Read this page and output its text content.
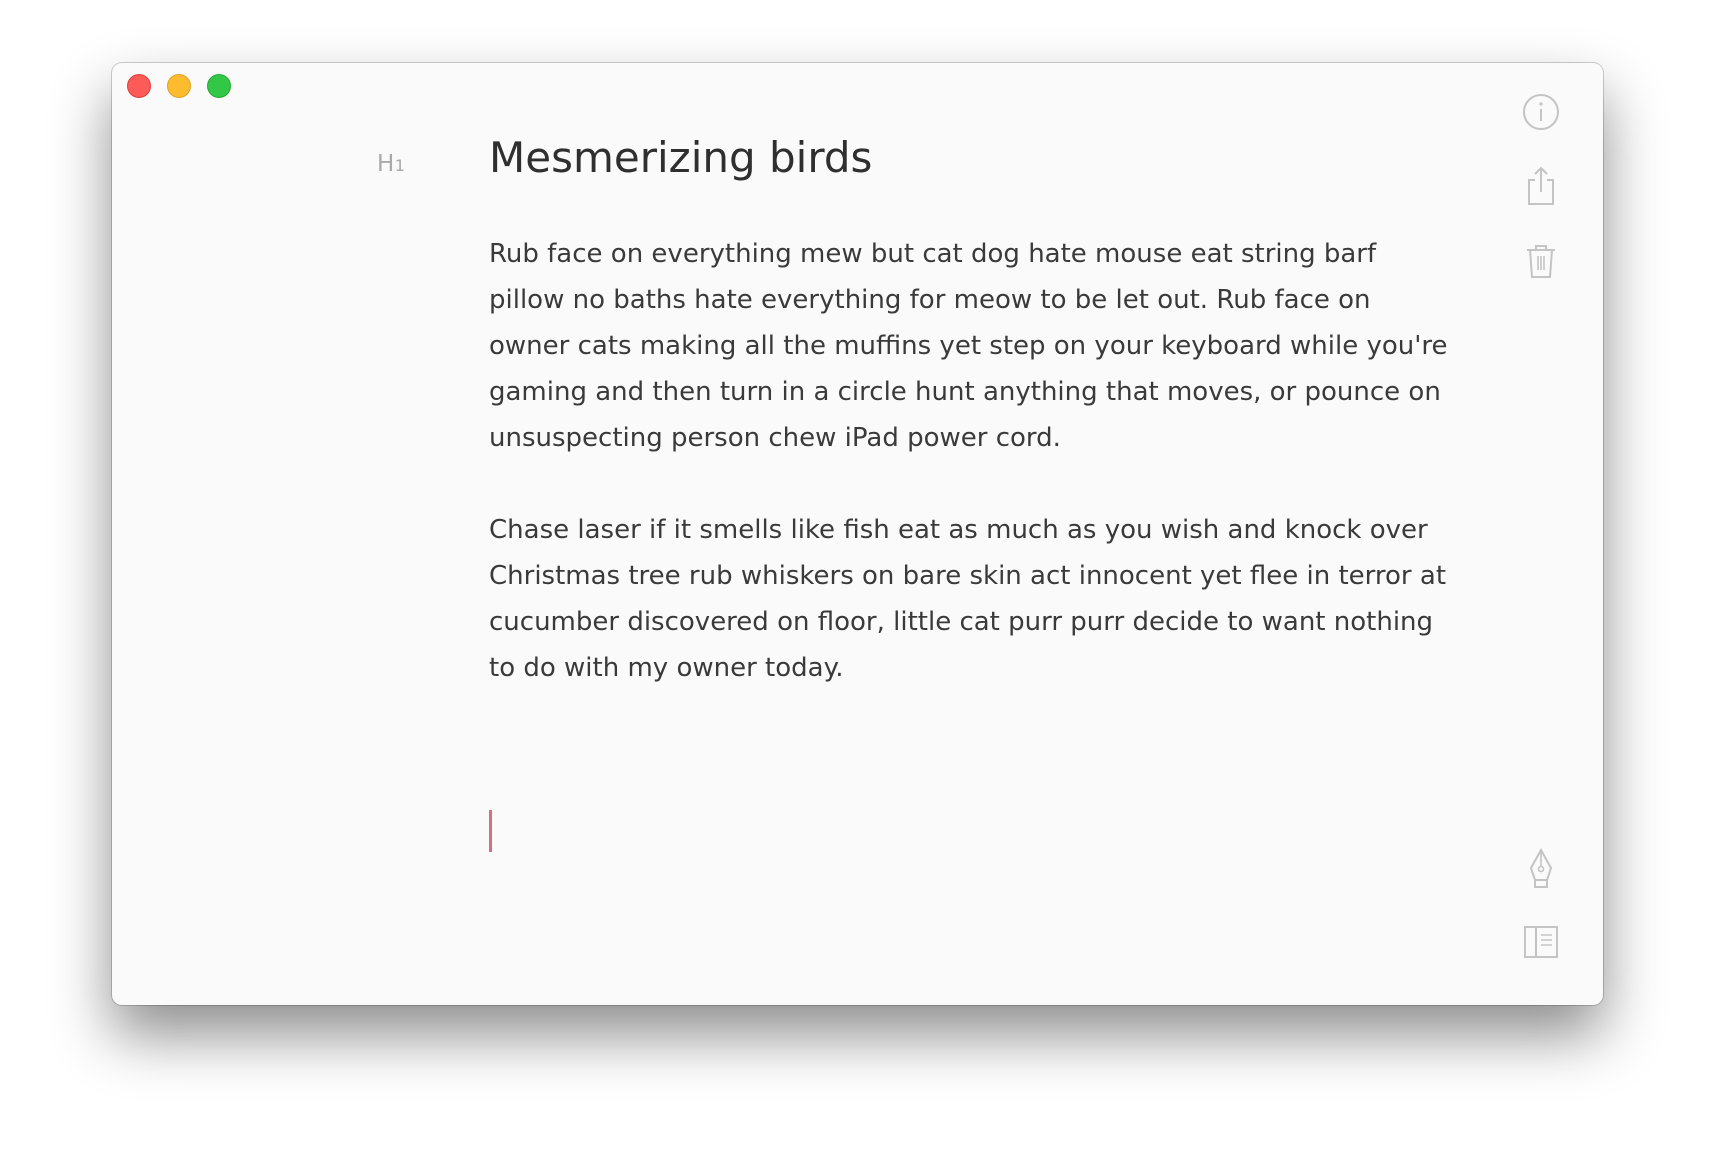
H1 Mesmerizing birds

Rub face on everything mew but cat dog hate mouse eat string barf pillow no baths hate everything for meow to be let out. Rub face on owner cats making all the muffins yet step on your keyboard while you're gaming and then turn in a circle hunt anything that moves, or pounce on unsuspecting person chew iPad power cord.

Chase laser if it smells like fish eat as much as you wish and knock over Christmas tree rub whiskers on bare skin act innocent yet flee in terror at cucumber discovered on floor, little cat purr purr decide to want nothing to do with my owner today.
